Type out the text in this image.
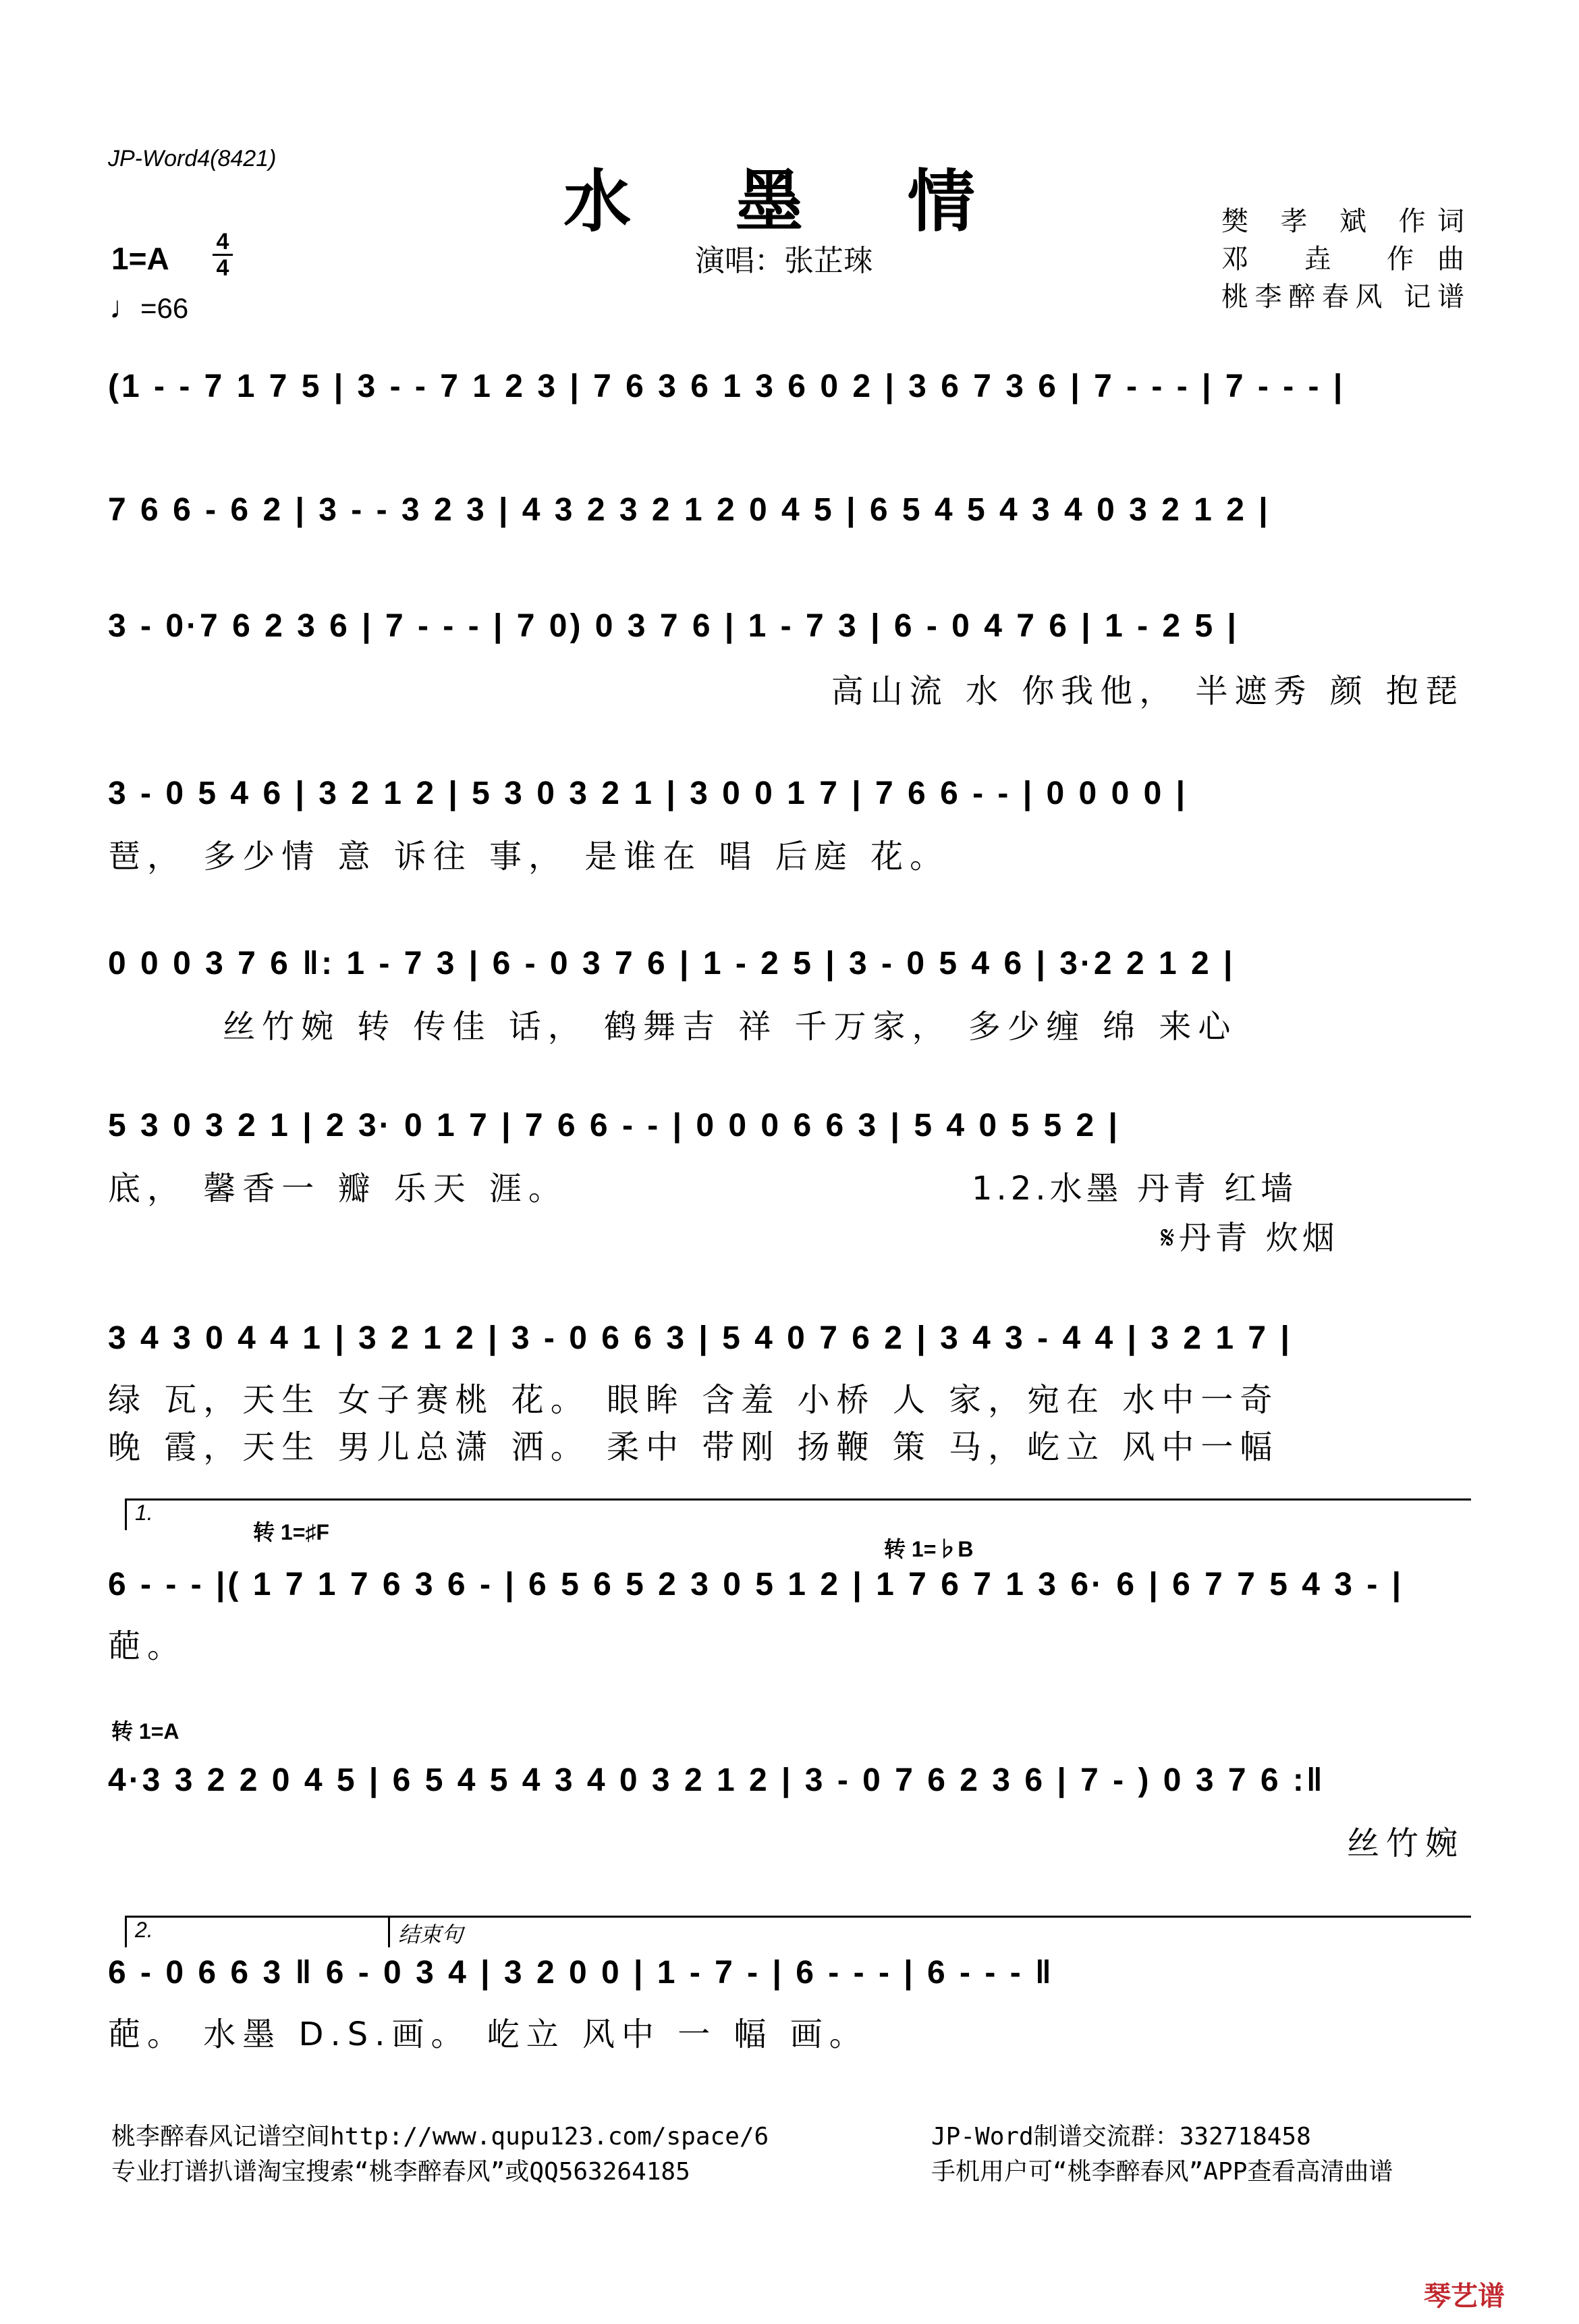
JP-Word4(8421)
水 墨 情
演唱：张芷琜
樊 孝 斌 作词
邓 垚 作曲
桃李醉春风 记谱
1=A 4
4
♩=66
(1 - - 7 1 7 5 | 3 - - 7 1 2 3 | 7 6 3 6 1 3 6 0 2 | 3 6 7 3 6 | 7 - - - | 7 - - - |
7 6 6 - 6 2 | 3 - - 3 2 3 | 4 3 2 3 2 1 2 0 4 5 | 6 5 4 5 4 3 4 0 3 2 1 2 |
3 - 0·7 6 2 3 6 | 7 - - - | 7 0) 0 3 7 6 | 1 - 7 3 | 6 - 0 4 7 6 | 1 - 2 5 |
高山流 水 你我他， 半遮秀 颜 抱琵
3 - 0 5 4 6 | 3 2 1 2 | 5 3 0 3 2 1 | 3 0 0 1 7 | 7 6 6 - - | 0 0 0 0 |
琶， 多少情 意 诉往 事， 是谁在 唱 后庭 花。
0 0 0 3 7 6 ‖: 1 - 7 3 | 6 - 0 3 7 6 | 1 - 2 5 | 3 - 0 5 4 6 | 3·2 2 1 2 |
丝竹婉 转 传佳 话， 鹤舞吉 祥 千万家， 多少缠 绵 来心
5 3 0 3 2 1 | 2 3· 0 1 7 | 7 6 6 - - | 0 0 0 6 6 3 | 5 4 0 5 5 2 |
底， 馨香一 瓣 乐天 涯。	1.2.水墨 丹青 红墙
𝄋丹青 炊烟
3 4 3 0 4 4 1 | 3 2 1 2 | 3 - 0 6 6 3 | 5 4 0 7 6 2 | 3 4 3 - 4 4 | 3 2 1 7 |
绿 瓦，天生 女子赛桃 花。 眼眸 含羞 小桥 人 家，宛在 水中一奇
晚 霞，天生 男儿总潇 洒。 柔中 带刚 扬鞭 策 马，屹立 风中一幅
1.
转 1=♯F
转 1=♭B
6 - - - |( 1 7 1 7 6 3 6 - | 6 5 6 5 2 3 0 5 1 2 | 1 7 6 7 1 3 6· 6 | 6 7 7 5 4 3 - |
葩。
转 1=A
4·3 3 2 2 0 4 5 | 6 5 4 5 4 3 4 0 3 2 1 2 | 3 - 0 7 6 2 3 6 | 7 - ) 0 3 7 6 :‖
丝竹婉
2.	结束句
6 - 0 6 6 3 ‖ 6 - 0 3 4 | 3 2 0 0 | 1 - 7 - | 6 - - - | 6 - - - ‖
葩。 水墨 D.S.画。 屹立 风中 一 幅 画。
桃李醉春风记谱空间http://www.qupu123.com/space/6
专业打谱扒谱淘宝搜索“桃李醉春风”或QQ563264185
JP-Word制谱交流群：332718458
手机用户可“桃李醉春风”APP查看高清曲谱
琴艺谱
